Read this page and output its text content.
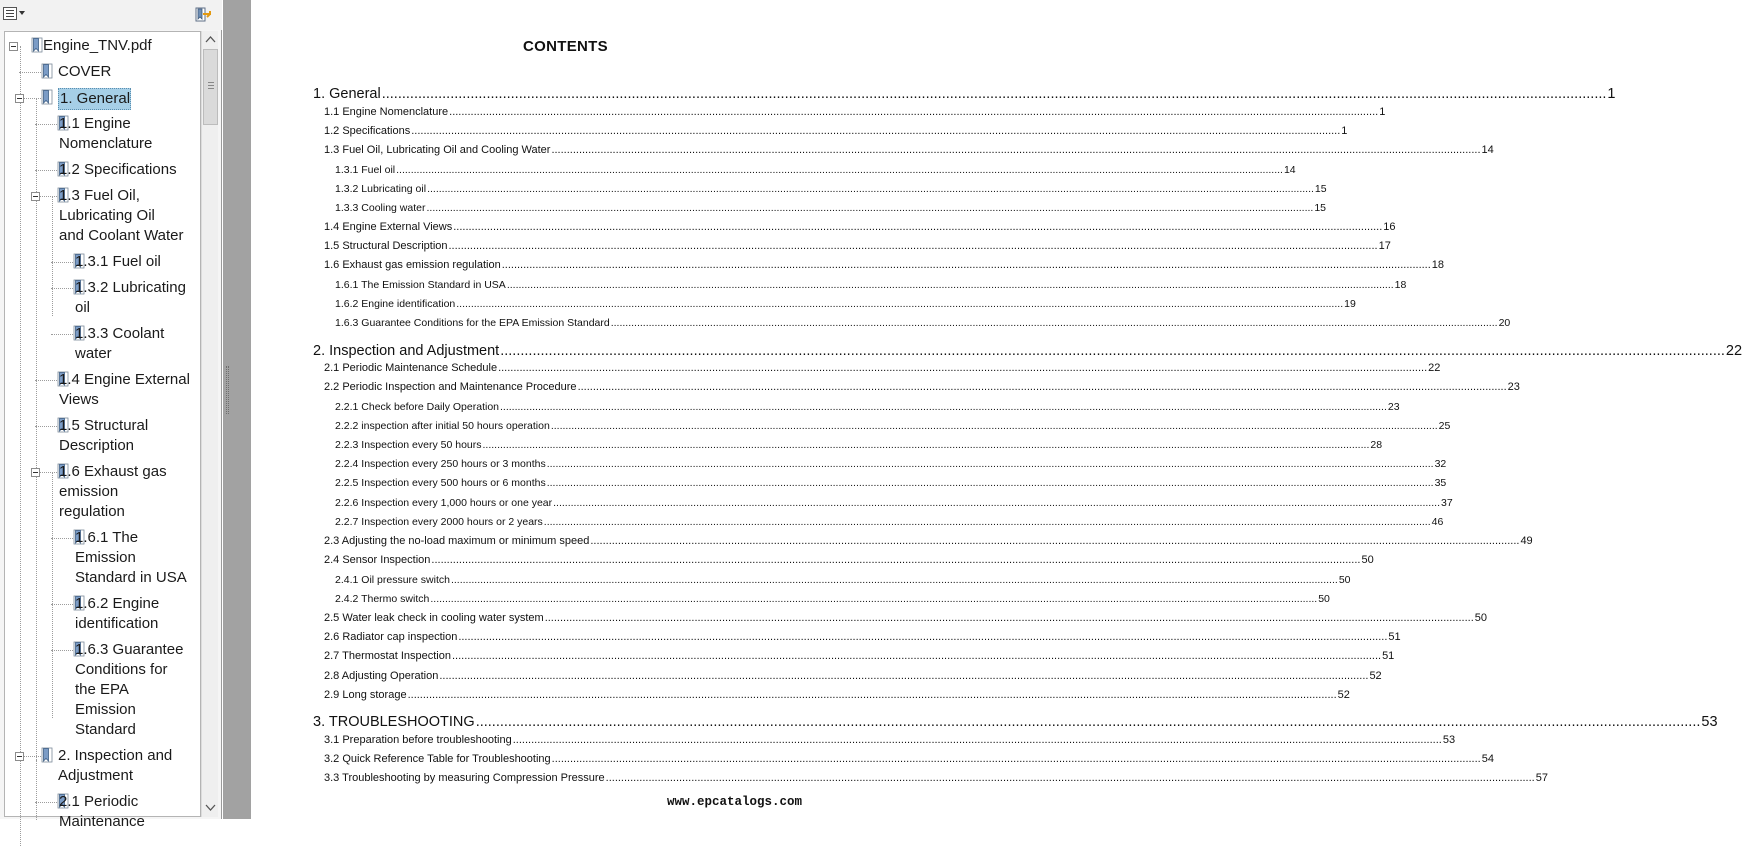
Engine_TNV.pdf
COVER
1. General
1.1 Engine
Nomenclature
1.2 Specifications
1.3 Fuel Oil,
Lubricating Oil
and Coolant Water
1.3.1 Fuel oil
1.3.2 Lubricating
oil
1.3.3 Coolant
water
1.4 Engine External
Views
1.5 Structural
Description
1.6 Exhaust gas
emission
regulation
1.6.1 The
Emission
Standard in USA
1.6.2 Engine
identification
1.6.3 Guarantee
Conditions for
the EPA
Emission
Standard
2. Inspection and
Adjustment
2.1 Periodic
Maintenance
CONTENTS
1. General .....	1
1.1 Engine Nomenclature .....	1
1.2 Specifications .....	1
1.3 Fuel Oil, Lubricating Oil and Cooling Water .....	14
1.3.1 Fuel oil .....	14
1.3.2 Lubricating oil .....	15
1.3.3 Cooling water .....	15
1.4 Engine External Views .....	16
1.5 Structural Description .....	17
1.6 Exhaust gas emission regulation .....	18
1.6.1 The Emission Standard in USA .....	18
1.6.2 Engine identification .....	19
1.6.3 Guarantee Conditions for the EPA Emission Standard .....	20
2. Inspection and Adjustment .....	22
2.1 Periodic Maintenance Schedule .....	22
2.2 Periodic Inspection and Maintenance Procedure .....	23
2.2.1 Check before Daily Operation .....	23
2.2.2 inspection after initial 50 hours operation .....	25
2.2.3 Inspection every 50 hours .....	28
2.2.4 Inspection every 250 hours or 3 months .....	32
2.2.5 Inspection every 500 hours or 6 months .....	35
2.2.6 Inspection every 1,000 hours or one year .....	37
2.2.7 Inspection every 2000 hours or 2 years .....	46
2.3 Adjusting the no-load maximum or minimum speed .....	49
2.4 Sensor Inspection .....	50
2.4.1 Oil pressure switch .....	50
2.4.2 Thermo switch .....	50
2.5 Water leak check in cooling water system .....	50
2.6 Radiator cap inspection .....	51
2.7 Thermostat Inspection .....	51
2.8 Adjusting Operation .....	52
2.9 Long storage .....	52
3. TROUBLESHOOTING .....	53
3.1 Preparation before troubleshooting .....	53
3.2 Quick Reference Table for Troubleshooting .....	54
3.3 Troubleshooting by measuring Compression Pressure .....	57
www.epcatalogs.com
